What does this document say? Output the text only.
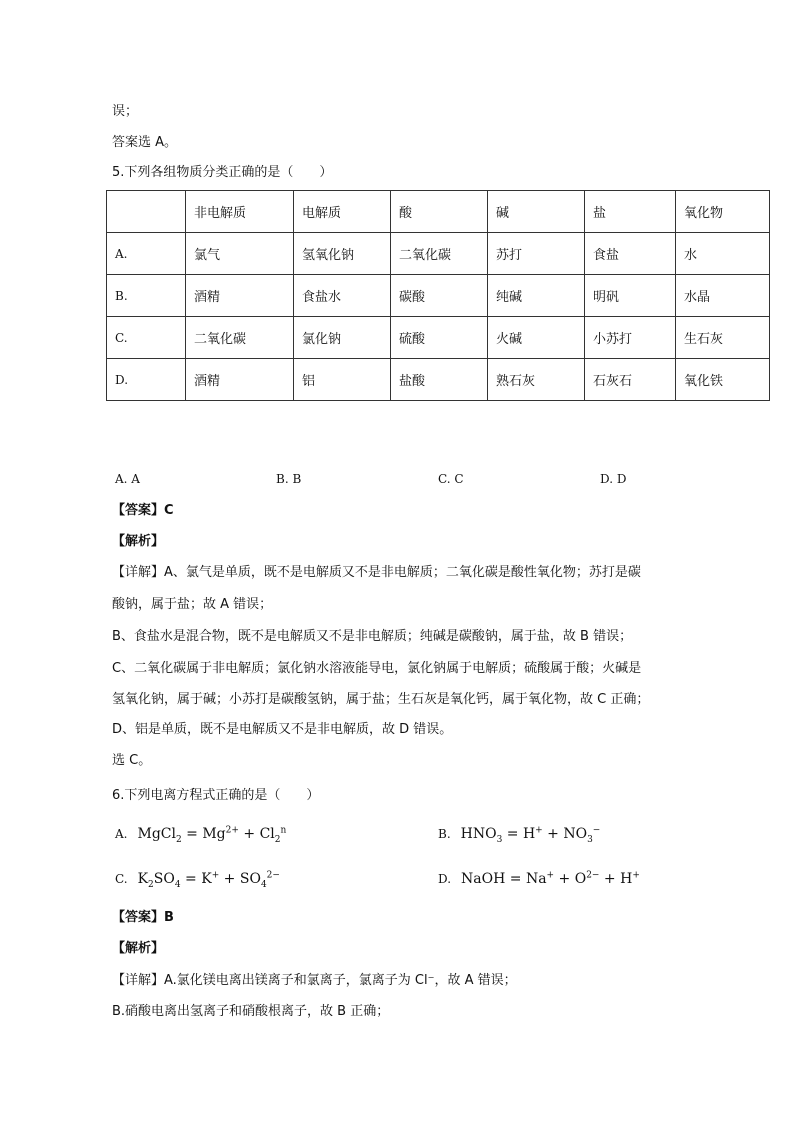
误；
答案选 A。
5.下列各组物质分类正确的是（　　）
	非电解质	电解质	酸	碱	盐	氧化物
A.	氯气	氢氧化钠	二氧化碳	苏打	食盐	水
B.	酒精	食盐水	碳酸	纯碱	明矾	水晶
C.	二氧化碳	氯化钠	硫酸	火碱	小苏打	生石灰
D.	酒精	铝	盐酸	熟石灰	石灰石	氧化铁
A. A	B. B	C. C	D. D
【答案】C
【解析】
【详解】A、氯气是单质，既不是电解质又不是非电解质；二氧化碳是酸性氧化物；苏打是碳
酸钠，属于盐；故 A 错误；
B、食盐水是混合物，既不是电解质又不是非电解质；纯碱是碳酸钠，属于盐，故 B 错误；
C、二氧化碳属于非电解质；氯化钠水溶液能导电，氯化钠属于电解质；硫酸属于酸；火碱是
氢氧化钠，属于碱；小苏打是碳酸氢钠，属于盐；生石灰是氧化钙，属于氧化物，故 C 正确；
D、铝是单质，既不是电解质又不是非电解质，故 D 错误。
选 C。
6.下列电离方程式正确的是（　　）
A. MgCl$_2$ = $Mg^{2+} + Cl_2^n$	B. $HNO_3 = H^+ + NO_3^-$
C. $K_2SO_4 = K^+ + SO_4^{2-}$	D. NaOH = $Na^+ + O^{2-} + H^+$
【答案】B
【解析】
【详解】A.氯化镁电离出镁离子和氯离子，氯离子为 Cl⁻，故 A 错误；
B.硝酸电离出氢离子和硝酸根离子，故 B 正确；
